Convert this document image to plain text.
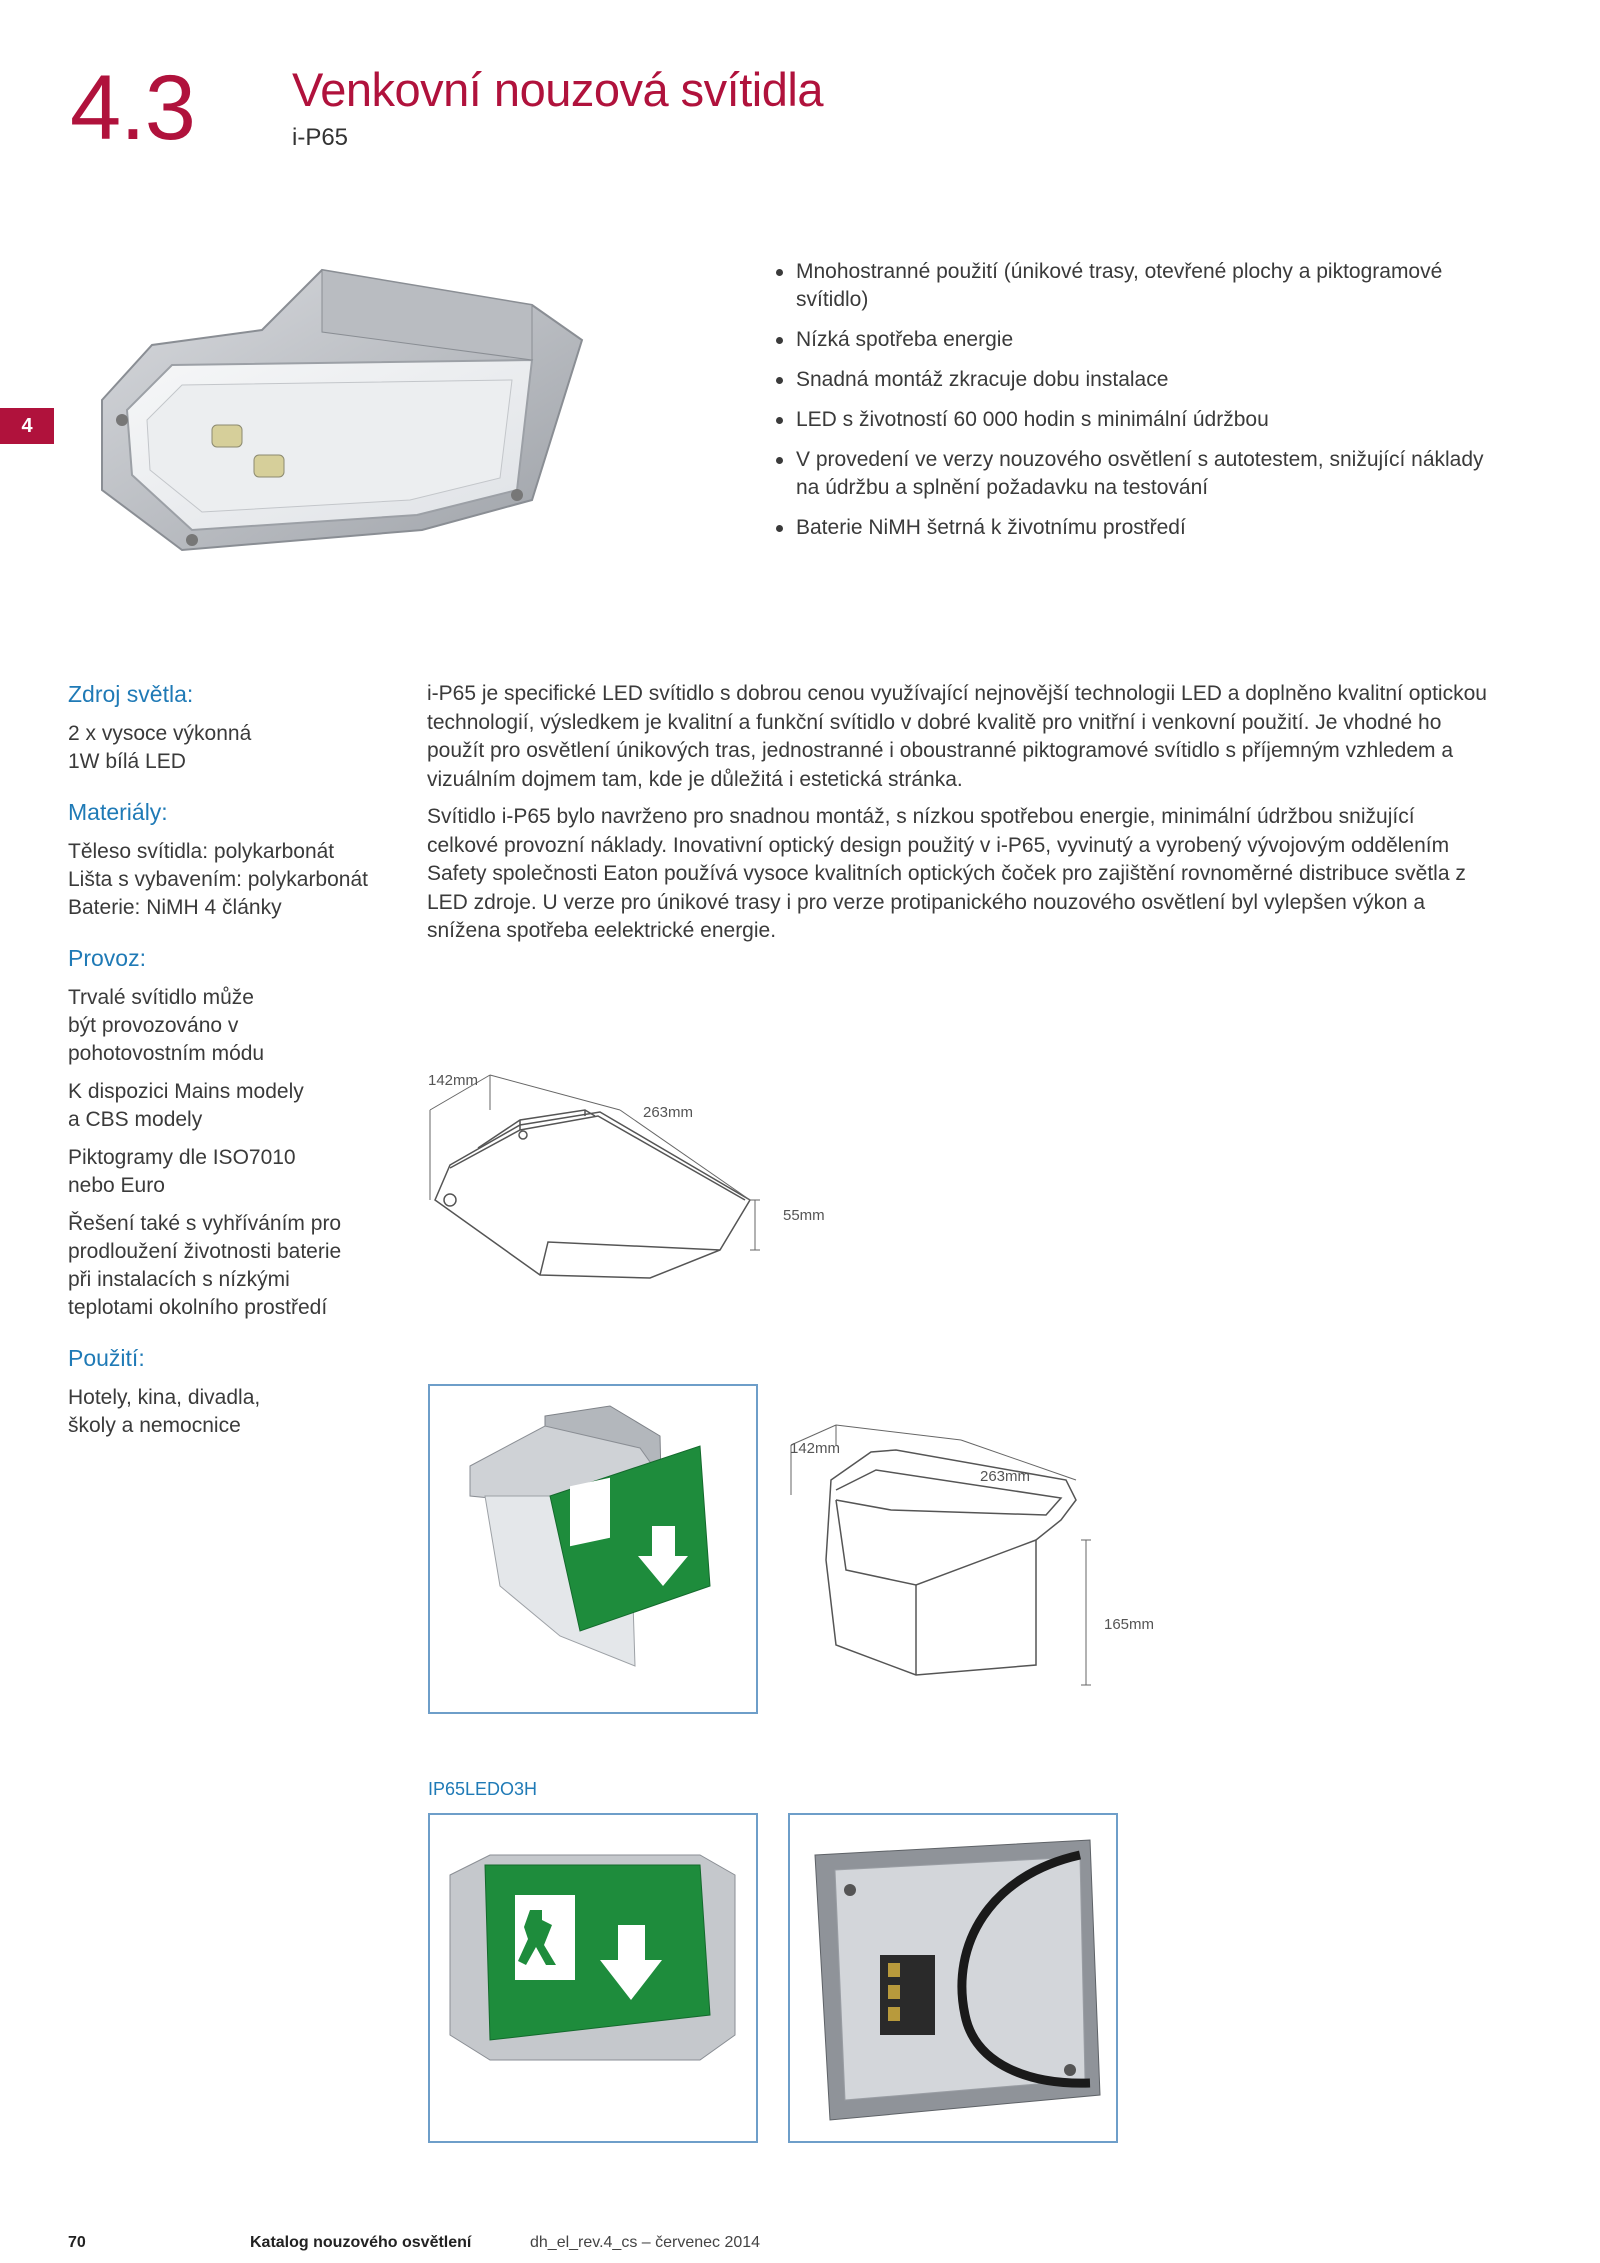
4.3 Venkovní nouzová svítidla
i-P65
4
Mnohostranné použití (únikové trasy, otevřené plochy a piktogramové svítidlo)
Nízká spotřeba energie
Snadná montáž zkracuje dobu instalace
LED s životností 60 000 hodin s minimální údržbou
V provedení ve verzy nouzového osvětlení s autotestem, snižující náklady na údržbu a splnění požadavku na testování
Baterie NiMH šetrná k životnímu prostředí
Zdroj světla:
2 x vysoce výkonná
1W bílá LED
Materiály:
Těleso svítidla: polykarbonát
Lišta s vybavením: polykarbonát
Baterie: NiMH 4 články
Provoz:
Trvalé svítidlo může
být provozováno v
pohotovostním módu
K dispozici Mains modely
a CBS modely
Piktogramy dle ISO7010
nebo Euro
Řešení také s vyhříváním pro
prodloužení životnosti baterie
při instalacích s nízkými
teplotami okolního prostředí
Použití:
Hotely, kina, divadla,
školy a nemocnice

i-P65 je specifické LED svítidlo s dobrou cenou využívající nejnovější technologii LED a doplněno kvalitní optickou technologií, výsledkem je kvalitní a funkční svítidlo v dobré kvalitě pro vnitřní i venkovní použití. Je vhodné ho použít pro osvětlení únikových tras, jednostranné i oboustranné piktogramové svítidlo s příjemným vzhledem a vizuálním dojmem tam, kde je důležitá i estetická stránka.

Svítidlo i-P65 bylo navrženo pro snadnou montáž, s nízkou spotřebou energie, minimální údržbou snižující celkové provozní náklady. Inovativní optický design použitý v i-P65, vyvinutý a vyrobený vývojovým oddělením Safety společnosti Eaton používá vysoce kvalitních optických čoček pro zajištění rovnoměrné distribuce světla z LED zdroje. U verze pro únikové trasy i pro verze protipanického nouzového osvětlení byl vylepšen výkon a snížena spotřeba eelektrické energie.

142mm
263mm
55mm
142mm
263mm
165mm
IP65LEDO3H
70	Katalog nouzového osvětlení	dh_el_rev.4_cs – červenec 2014
